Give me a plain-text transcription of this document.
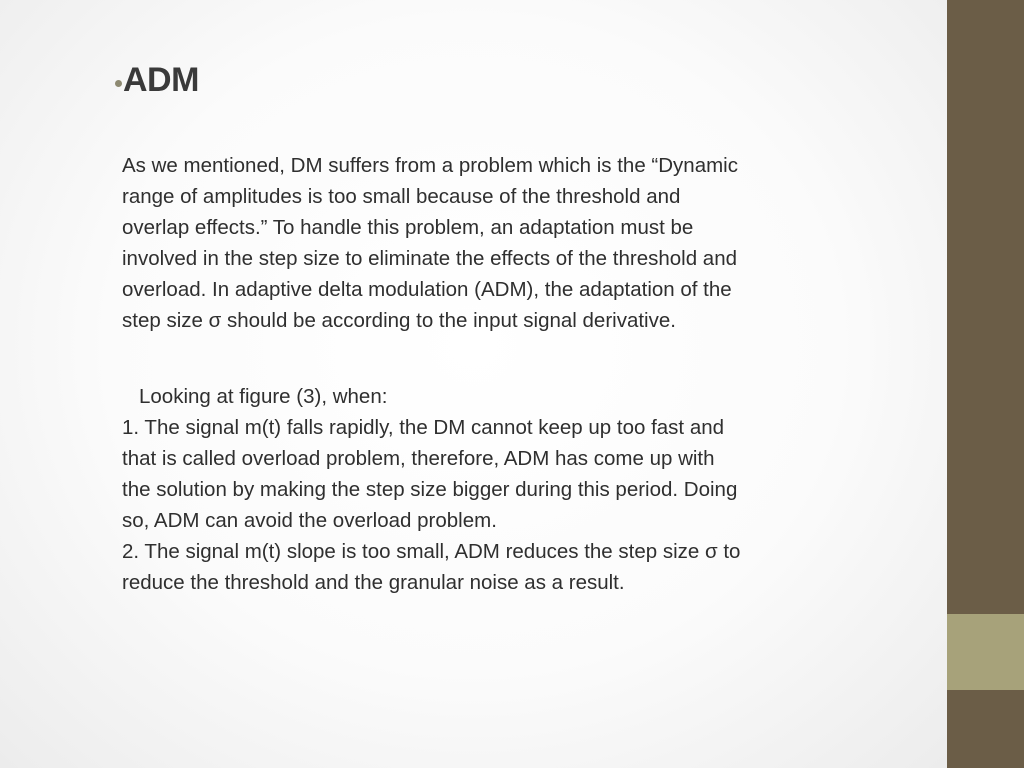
ADM

As we mentioned, DM suffers from a problem which is the “Dynamic
range of amplitudes is too small because of the threshold and
overlap effects.” To handle this problem, an adaptation must be
involved in the step size to eliminate the effects of the threshold and
overload. In adaptive delta modulation (ADM), the adaptation of the
step size σ should be according to the input signal derivative.

Looking at figure (3), when:
1. The signal m(t) falls rapidly, the DM cannot keep up too fast and
that is called overload problem, therefore, ADM has come up with
the solution by making the step size bigger during this period. Doing
so, ADM can avoid the overload problem.
2. The signal m(t) slope is too small, ADM reduces the step size σ to
reduce the threshold and the granular noise as a result.
